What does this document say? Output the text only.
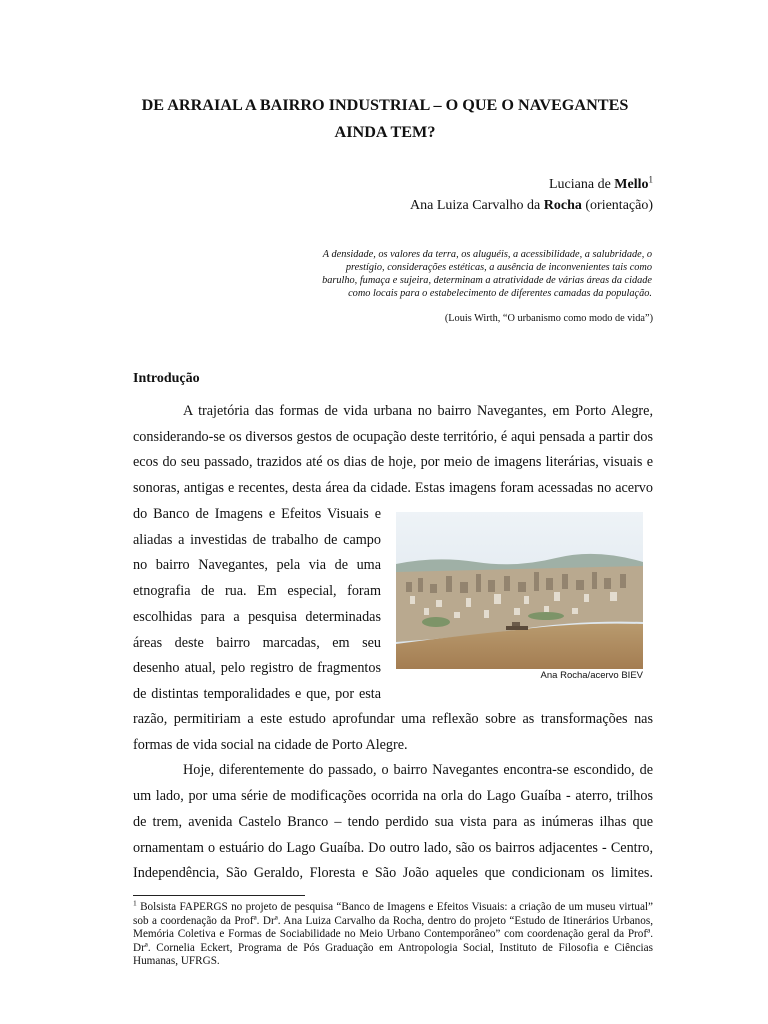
DE ARRAIAL A BAIRRO INDUSTRIAL – O QUE O NAVEGANTES
AINDA TEM?
Luciana de Mello$^1$
Ana Luiza Carvalho da Rocha (orientação)
A densidade, os valores da terra, os aluguéis, a acessibilidade, a salubridade, o prestígio, considerações estéticas, a ausência de inconvenientes tais como barulho, fumaça e sujeira, determinam a atratividade de várias áreas da cidade como locais para o estabelecimento de diferentes camadas da população.
(Louis Wirth, “O urbanismo como modo de vida”)
Introdução

A trajetória das formas de vida urbana no bairro Navegantes, em Porto Alegre,

considerando-se os diversos gestos de ocupação deste território, é aqui pensada a partir dos

ecos do seu passado, trazidos até os dias de hoje, por meio de imagens literárias, visuais e

sonoras, antigas e recentes, desta área da cidade. Estas imagens foram acessadas no acervo

do Banco de Imagens e Efeitos Visuais e

aliadas a investidas de trabalho de campo

no bairro Navegantes, pela via de uma

etnografia de rua. Em especial, foram

escolhidas para a pesquisa determinadas

áreas deste bairro marcadas, em seu

desenho atual, pelo registro de fragmentos

de distintas temporalidades e que, por esta

razão, permitiriam a este estudo aprofundar uma reflexão sobre as transformações nas

formas de vida social na cidade de Porto Alegre.

Hoje, diferentemente do passado, o bairro Navegantes encontra-se escondido, de

um lado, por uma série de modificações ocorrida na orla do Lago Guaíba - aterro, trilhos

de trem, avenida Castelo Branco – tendo perdido sua vista para as inúmeras ilhas que

ornamentam o estuário do Lago Guaíba. Do outro lado, são os bairros adjacentes - Centro,

Independência, São Geraldo, Floresta e São João aqueles que condicionam os limites.

Ana Rocha/acervo BIEV
$^1$ Bolsista FAPERGS no projeto de pesquisa “Banco de Imagens e Efeitos Visuais: a criação de um museu virtual” sob a coordenação da Profª. Drª. Ana Luiza Carvalho da Rocha, dentro do projeto “Estudo de Itinerários Urbanos, Memória Coletiva e Formas de Sociabilidade no Meio Urbano Contemporâneo” com coordenação geral da Profª. Drª. Cornelia Eckert, Programa de Pós Graduação em Antropologia Social, Instituto de Filosofia e Ciências Humanas, UFRGS.
